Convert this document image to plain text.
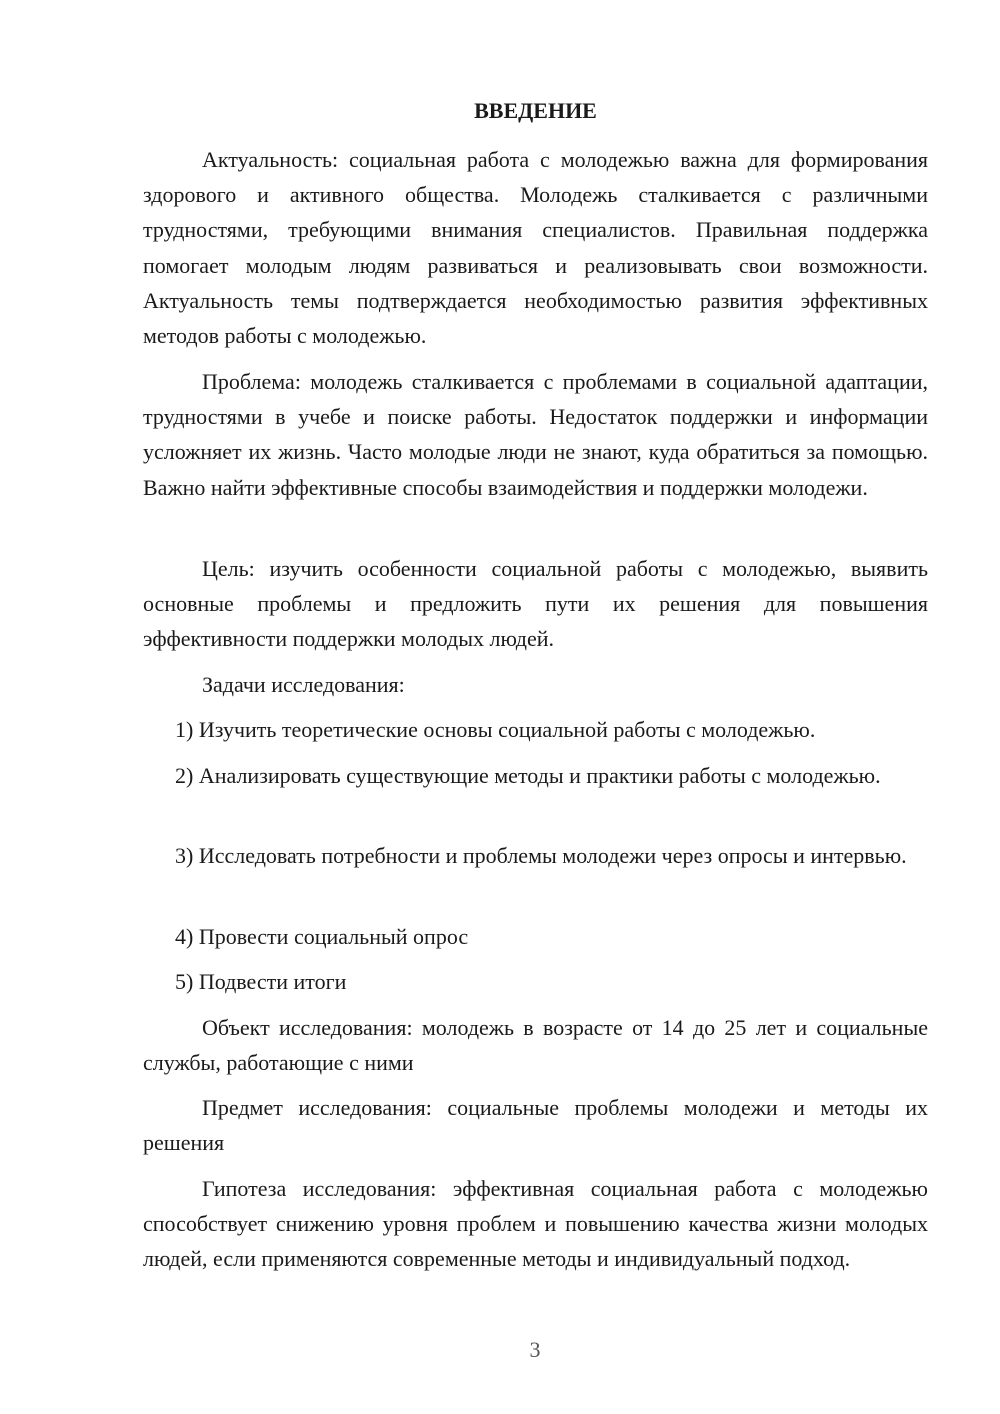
ВВЕДЕНИЕ

Актуальность: социальная работа с молодежью важна для формирования здорового и активного общества. Молодежь сталкивается с различными трудностями, требующими внимания специалистов. Правильная поддержка помогает молодым людям развиваться и реализовывать свои возможности. Актуальность темы подтверждается необходимостью развития эффективных методов работы с молодежью.

Проблема: молодежь сталкивается с проблемами в социальной адаптации, трудностями в учебе и поиске работы. Недостаток поддержки и информации усложняет их жизнь. Часто молодые люди не знают, куда обратиться за помощью. Важно найти эффективные способы взаимодействия и поддержки молодежи.

Цель: изучить особенности социальной работы с молодежью, выявить основные проблемы и предложить пути их решения для повышения эффективности поддержки молодых людей.

Задачи исследования:

1) Изучить теоретические основы социальной работы с молодежью.

2) Анализировать существующие методы и практики работы с молодежью.

3) Исследовать потребности и проблемы молодежи через опросы и интервью.

4) Провести социальный опрос

5) Подвести итоги

Объект исследования: молодежь в возрасте от 14 до 25 лет и социальные службы, работающие с ними

Предмет исследования: социальные проблемы молодежи и методы их решения

Гипотеза исследования: эффективная социальная работа с молодежью способствует снижению уровня проблем и повышению качества жизни молодых людей, если применяются современные методы и индивидуальный подход.

3
